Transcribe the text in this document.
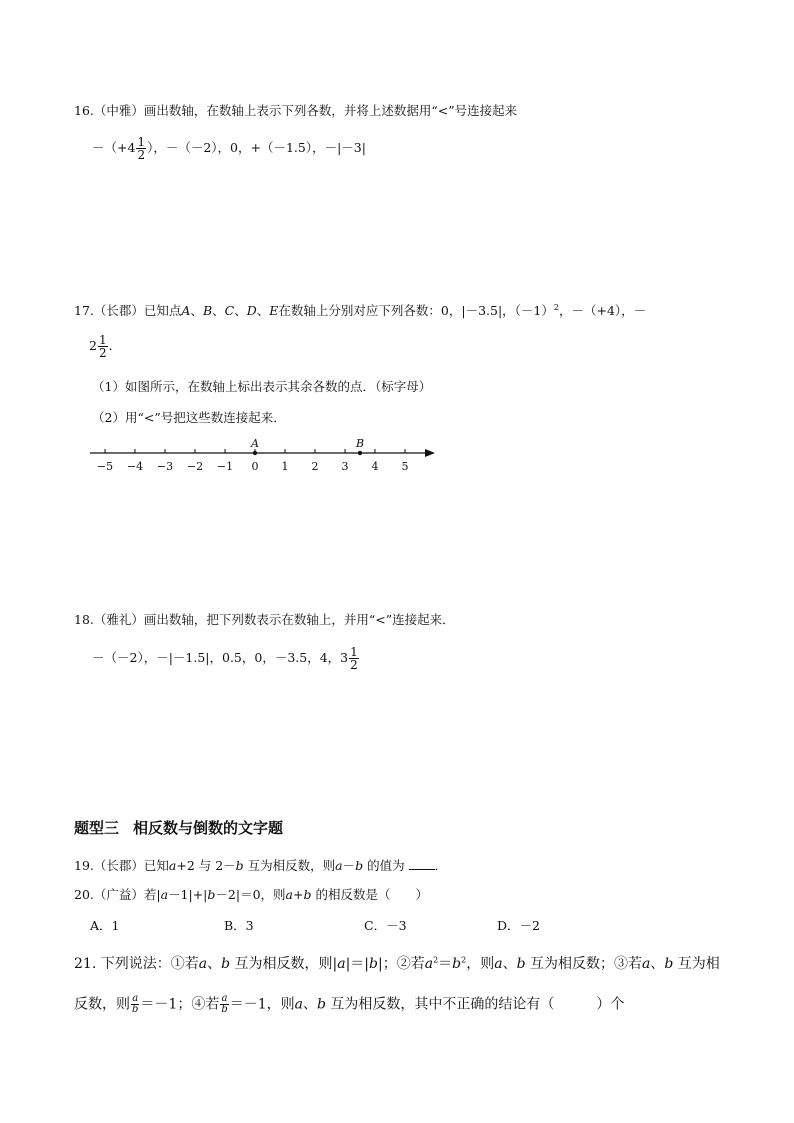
16.（中雅）画出数轴，在数轴上表示下列各数，并将上述数据用“<”号连接起来
$-(+4 \frac{1}{2}$ ），－（－2），0，+（－1.5），－|－3|
17.（长郡）已知点A、B、C、D、E在数轴上分别对应下列各数：0，|－3.5|，$(-1)^2$，－（+4），－
$2 \frac{1}{2}$ ．
（1）如图所示，在数轴上标出表示其余各数的点．（标字母）
（2）用“<”号把这些数连接起来．
−5 −4 −3 −2 −1 0 1 2 3 4 5
A	B
18.（雅礼）画出数轴，把下列数表示在数轴上，并用“<”连接起来．
－（－2），－|－1.5|，0.5，0，－3.5，4，$3 \frac{1}{2}$
题型三 相反数与倒数的文字题
19.（长郡）已知a+2 与 2－b 互为相反数，则a－b 的值为 ．
20.（广益）若|a－1|+|b－2|＝0，则a+b 的相反数是（　　）
A．1	B．3	C．－3	D．－2
21. 下列说法：①若a、b 互为相反数，则|a|＝|b|；②若$a^2=b^2$，则a、b 互为相反数；③若a、b 互为相
反数，则 $\frac{a}{b} =-1$；④若 $\frac{a}{b} =-1$，则a、b 互为相反数，其中不正确的结论有（　　　）个
